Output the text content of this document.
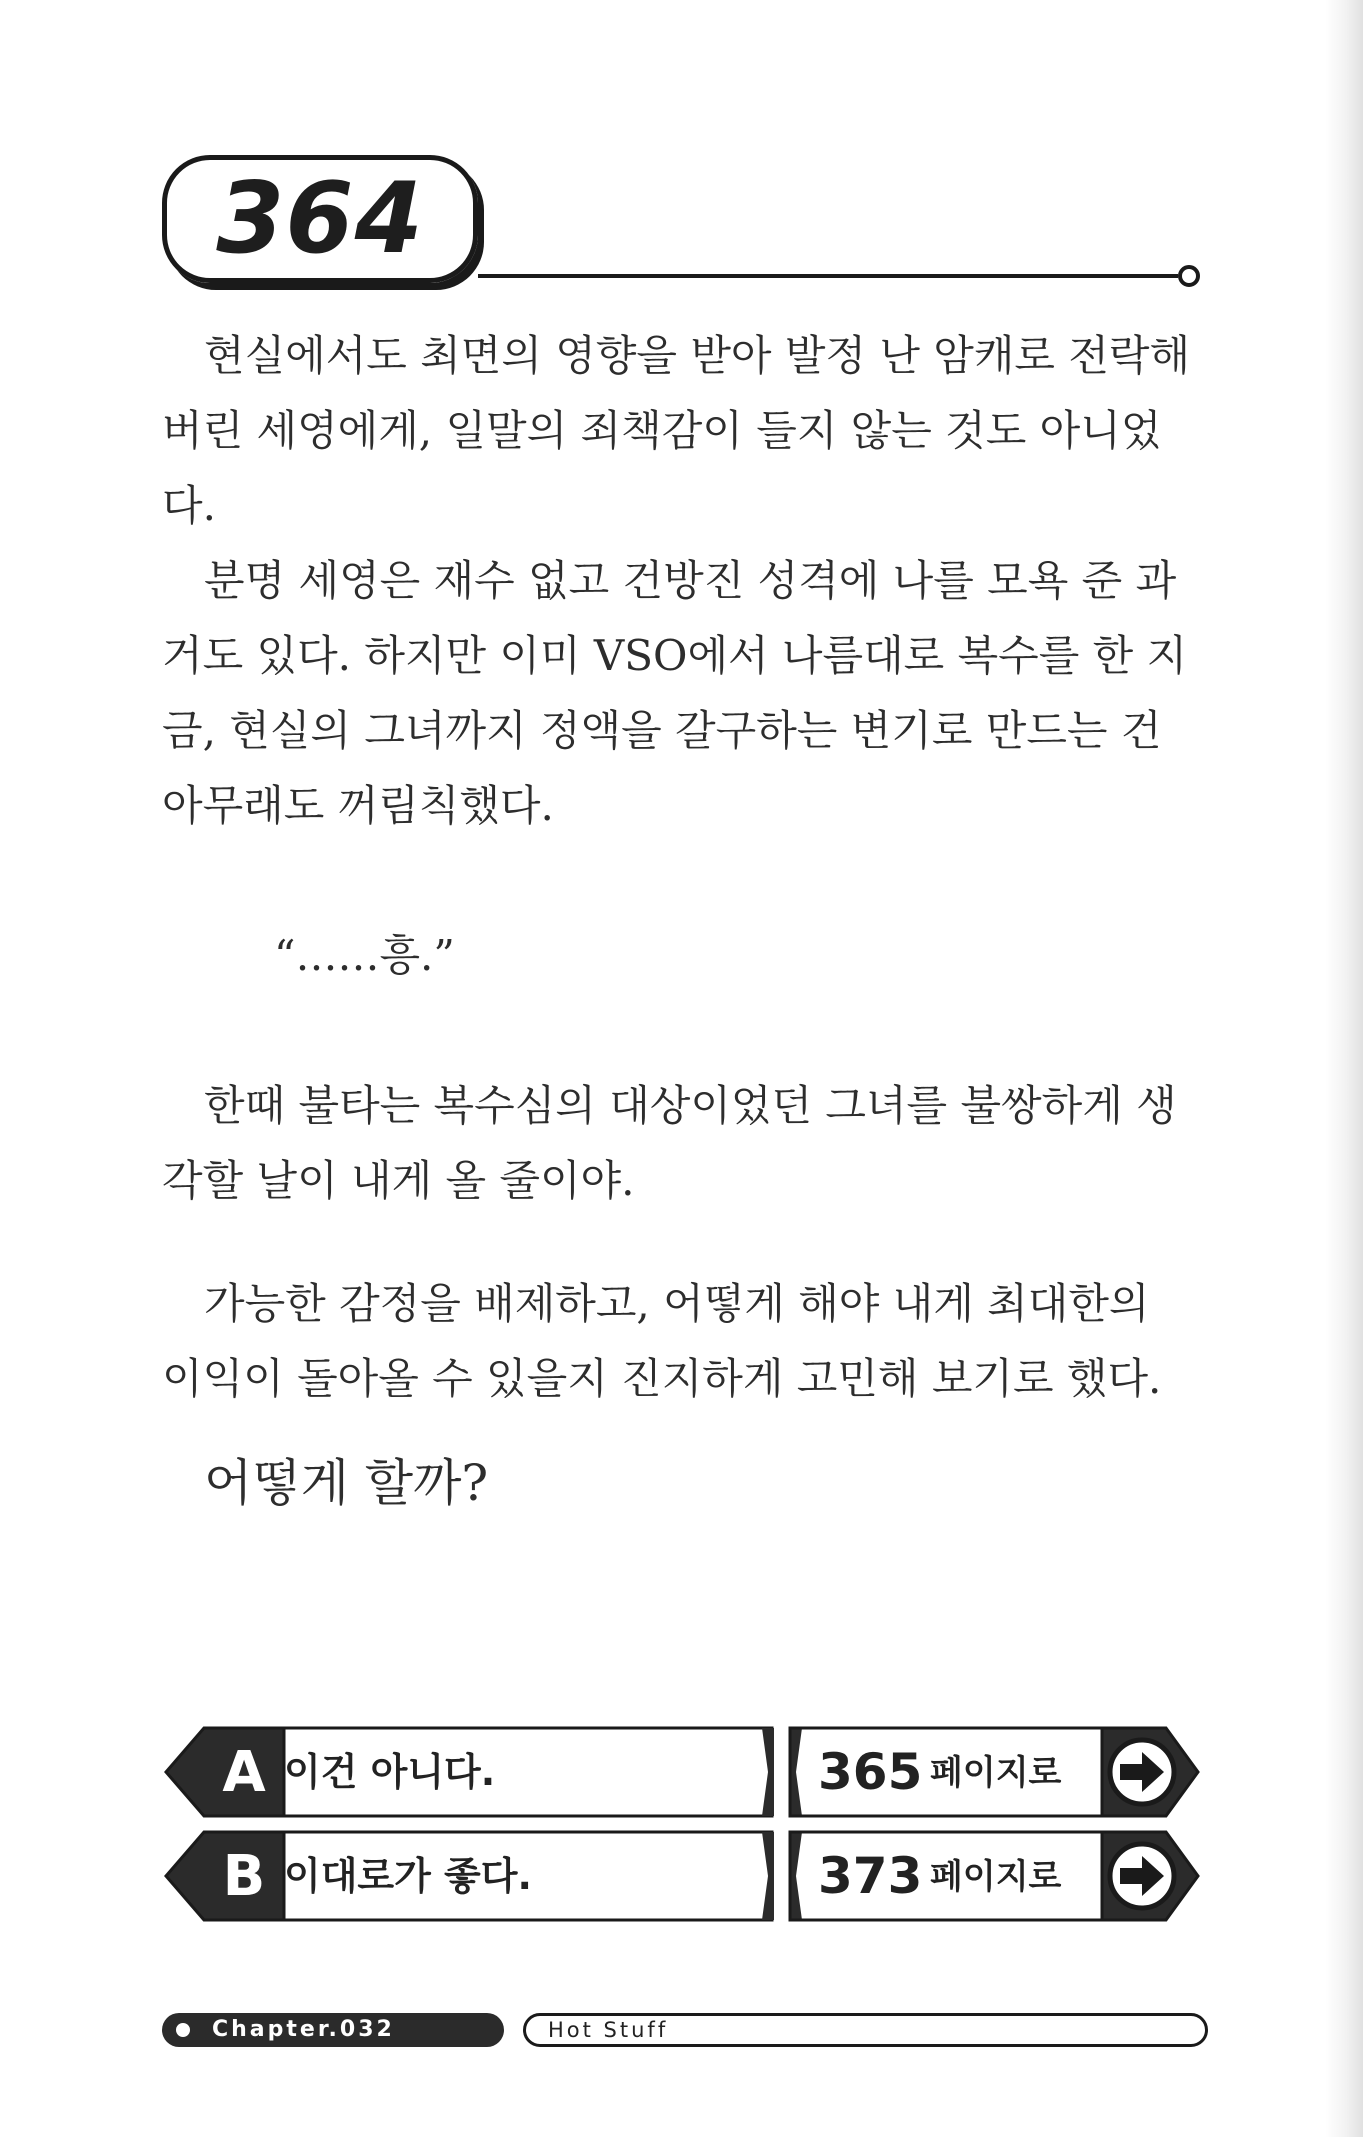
364

현실에서도 최면의 영향을 받아 발정 난 암캐로 전락해 버린 세영에게, 일말의 죄책감이 들지 않는 것도 아니었다.

분명 세영은 재수 없고 건방진 성격에 나를 모욕 준 과거도 있다. 하지만 이미 VSO에서 나름대로 복수를 한 지금, 현실의 그녀까지 정액을 갈구하는 변기로 만드는 건 아무래도 꺼림칙했다.

“……흥.”

한때 불타는 복수심의 대상이었던 그녀를 불쌍하게 생각할 날이 내게 올 줄이야.

가능한 감정을 배제하고, 어떻게 해야 내게 최대한의 이익이 돌아올 수 있을지 진지하게 고민해 보기로 했다.

어떻게 할까?
A 이건 아니다.	365 페이지로
B 이대로가 좋다.	373 페이지로
Chapter.032	Hot Stuff
